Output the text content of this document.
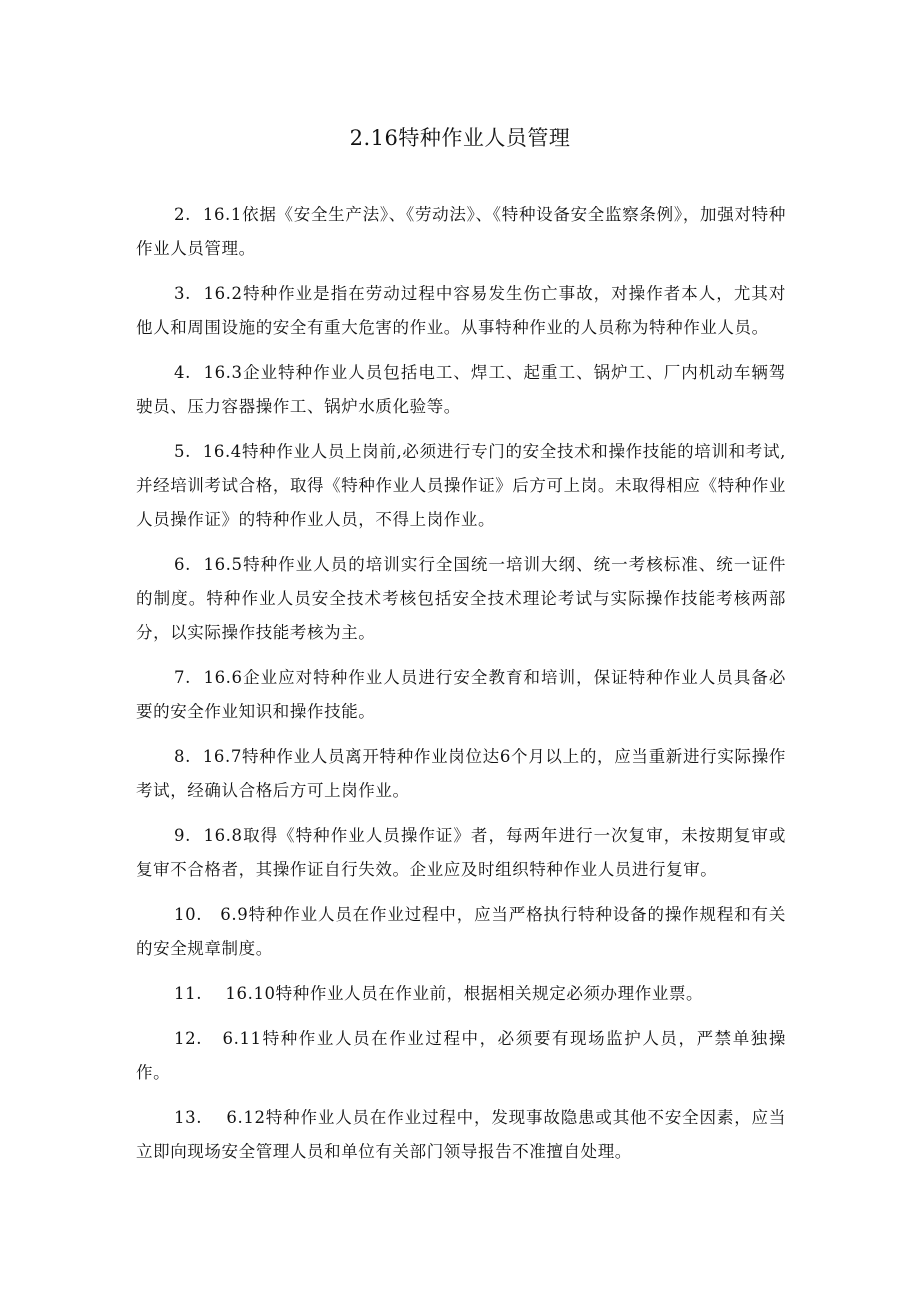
2.16特种作业人员管理

2.  16.1依据《安全生产法》、《劳动法》、《特种设备安全监察条例》，加强对特种作业人员管理。

3.  16.2特种作业是指在劳动过程中容易发生伤亡事故，对操作者本人，尤其对他人和周围设施的安全有重大危害的作业。从事特种作业的人员称为特种作业人员。

4.  16.3企业特种作业人员包括电工、焊工、起重工、锅炉工、厂内机动车辆驾驶员、压力容器操作工、锅炉水质化验等。

5.  16.4特种作业人员上岗前,必须进行专门的安全技术和操作技能的培训和考试,并经培训考试合格，取得《特种作业人员操作证》后方可上岗。未取得相应《特种作业人员操作证》的特种作业人员，不得上岗作业。

6.  16.5特种作业人员的培训实行全国统一培训大纲、统一考核标准、统一证件的制度。特种作业人员安全技术考核包括安全技术理论考试与实际操作技能考核两部分，以实际操作技能考核为主。

7.  16.6企业应对特种作业人员进行安全教育和培训，保证特种作业人员具备必要的安全作业知识和操作技能。

8.  16.7特种作业人员离开特种作业岗位达6个月以上的，应当重新进行实际操作考试，经确认合格后方可上岗作业。

9.  16.8取得《特种作业人员操作证》者，每两年进行一次复审，未按期复审或复审不合格者，其操作证自行失效。企业应及时组织特种作业人员进行复审。

10.   6.9特种作业人员在作业过程中，应当严格执行特种设备的操作规程和有关的安全规章制度。

11.    16.10特种作业人员在作业前，根据相关规定必须办理作业票。

12.   6.11特种作业人员在作业过程中，必须要有现场监护人员，严禁单独操作。

13.    6.12特种作业人员在作业过程中，发现事故隐患或其他不安全因素，应当立即向现场安全管理人员和单位有关部门领导报告不准擅自处理。
